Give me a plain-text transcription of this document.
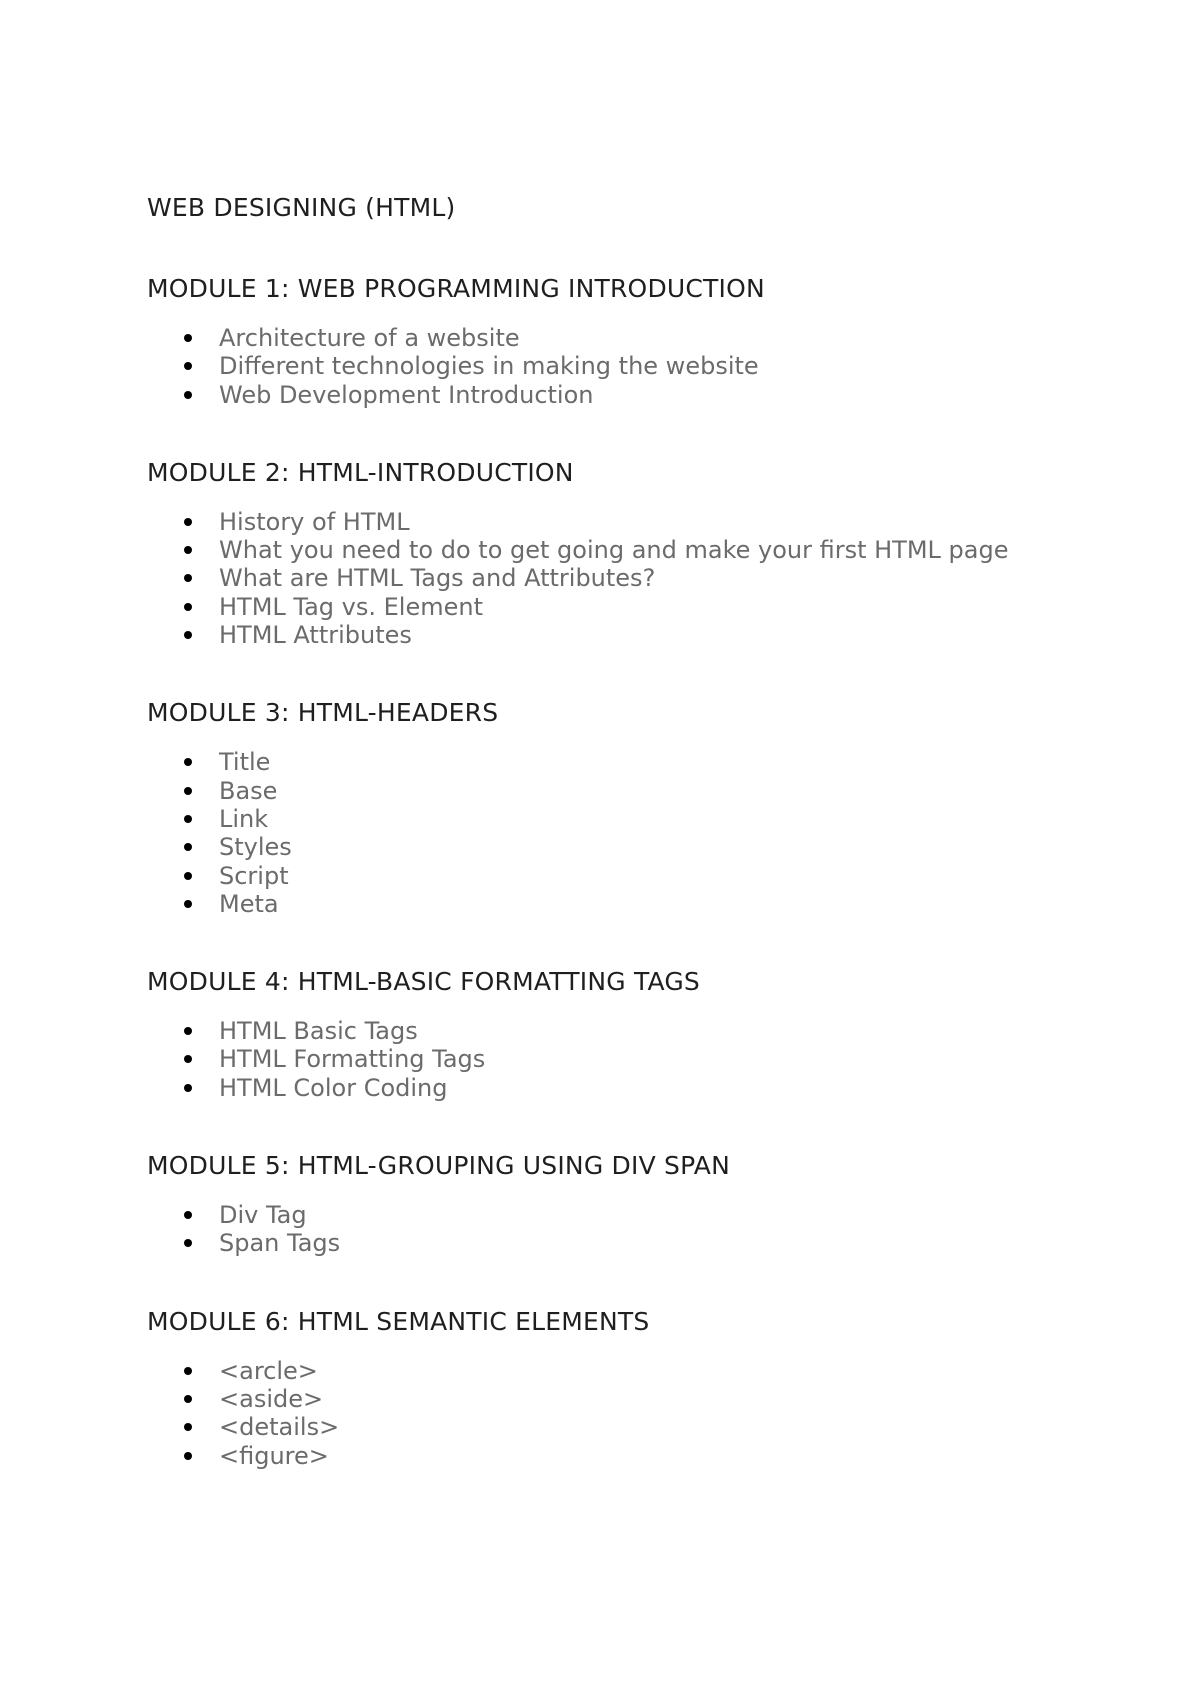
WEB DESIGNING (HTML)
MODULE 1: WEB PROGRAMMING INTRODUCTION
Architecture of a website
Different technologies in making the website
Web Development Introduction
MODULE 2: HTML-INTRODUCTION
History of HTML
What you need to do to get going and make your first HTML page
What are HTML Tags and Attributes?
HTML Tag vs. Element
HTML Attributes
MODULE 3: HTML-HEADERS
Title
Base
Link
Styles
Script
Meta
MODULE 4: HTML-BASIC FORMATTING TAGS
HTML Basic Tags
HTML Formatting Tags
HTML Color Coding
MODULE 5: HTML-GROUPING USING DIV SPAN
Div Tag
Span Tags
MODULE 6: HTML SEMANTIC ELEMENTS
<arcle>
<aside>
<details>
<figure>
